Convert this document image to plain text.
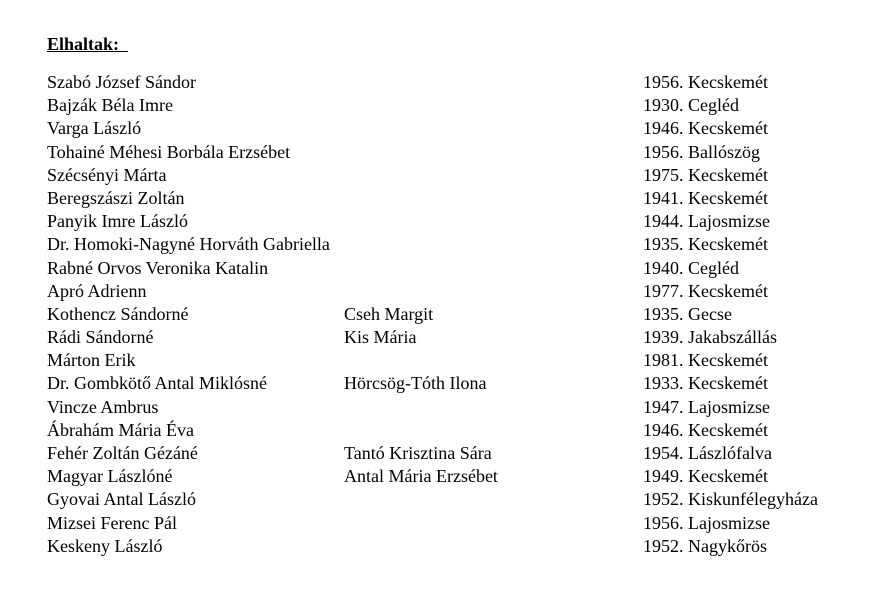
Elhaltak:
Szabó József Sándor	1956. Kecskemét
Bajzák Béla Imre	1930. Cegléd
Varga László	1946. Kecskemét
Tohainé Méhesi Borbála Erzsébet	1956. Ballószög
Szécsényi Márta	1975. Kecskemét
Beregszászi Zoltán	1941. Kecskemét
Panyik Imre László	1944. Lajosmizse
Dr. Homoki-Nagyné Horváth Gabriella	1935. Kecskemét
Rabné Orvos Veronika Katalin	1940. Cegléd
Apró Adrienn	1977. Kecskemét
Kothencz Sándorné	Cseh Margit	1935. Gecse
Rádi Sándorné	Kis Mária	1939. Jakabszállás
Márton Erik	1981. Kecskemét
Dr. Gombkötő Antal Miklósné	Hörcsög-Tóth Ilona	1933. Kecskemét
Vincze Ambrus	1947. Lajosmizse
Ábrahám Mária Éva	1946. Kecskemét
Fehér Zoltán Gézáné	Tantó Krisztina Sára	1954. Lászlófalva
Magyar Lászlóné	Antal Mária Erzsébet	1949. Kecskemét
Gyovai Antal László	1952. Kiskunfélegyháza
Mizsei Ferenc Pál	1956. Lajosmizse
Keskeny László	1952. Nagykőrös
